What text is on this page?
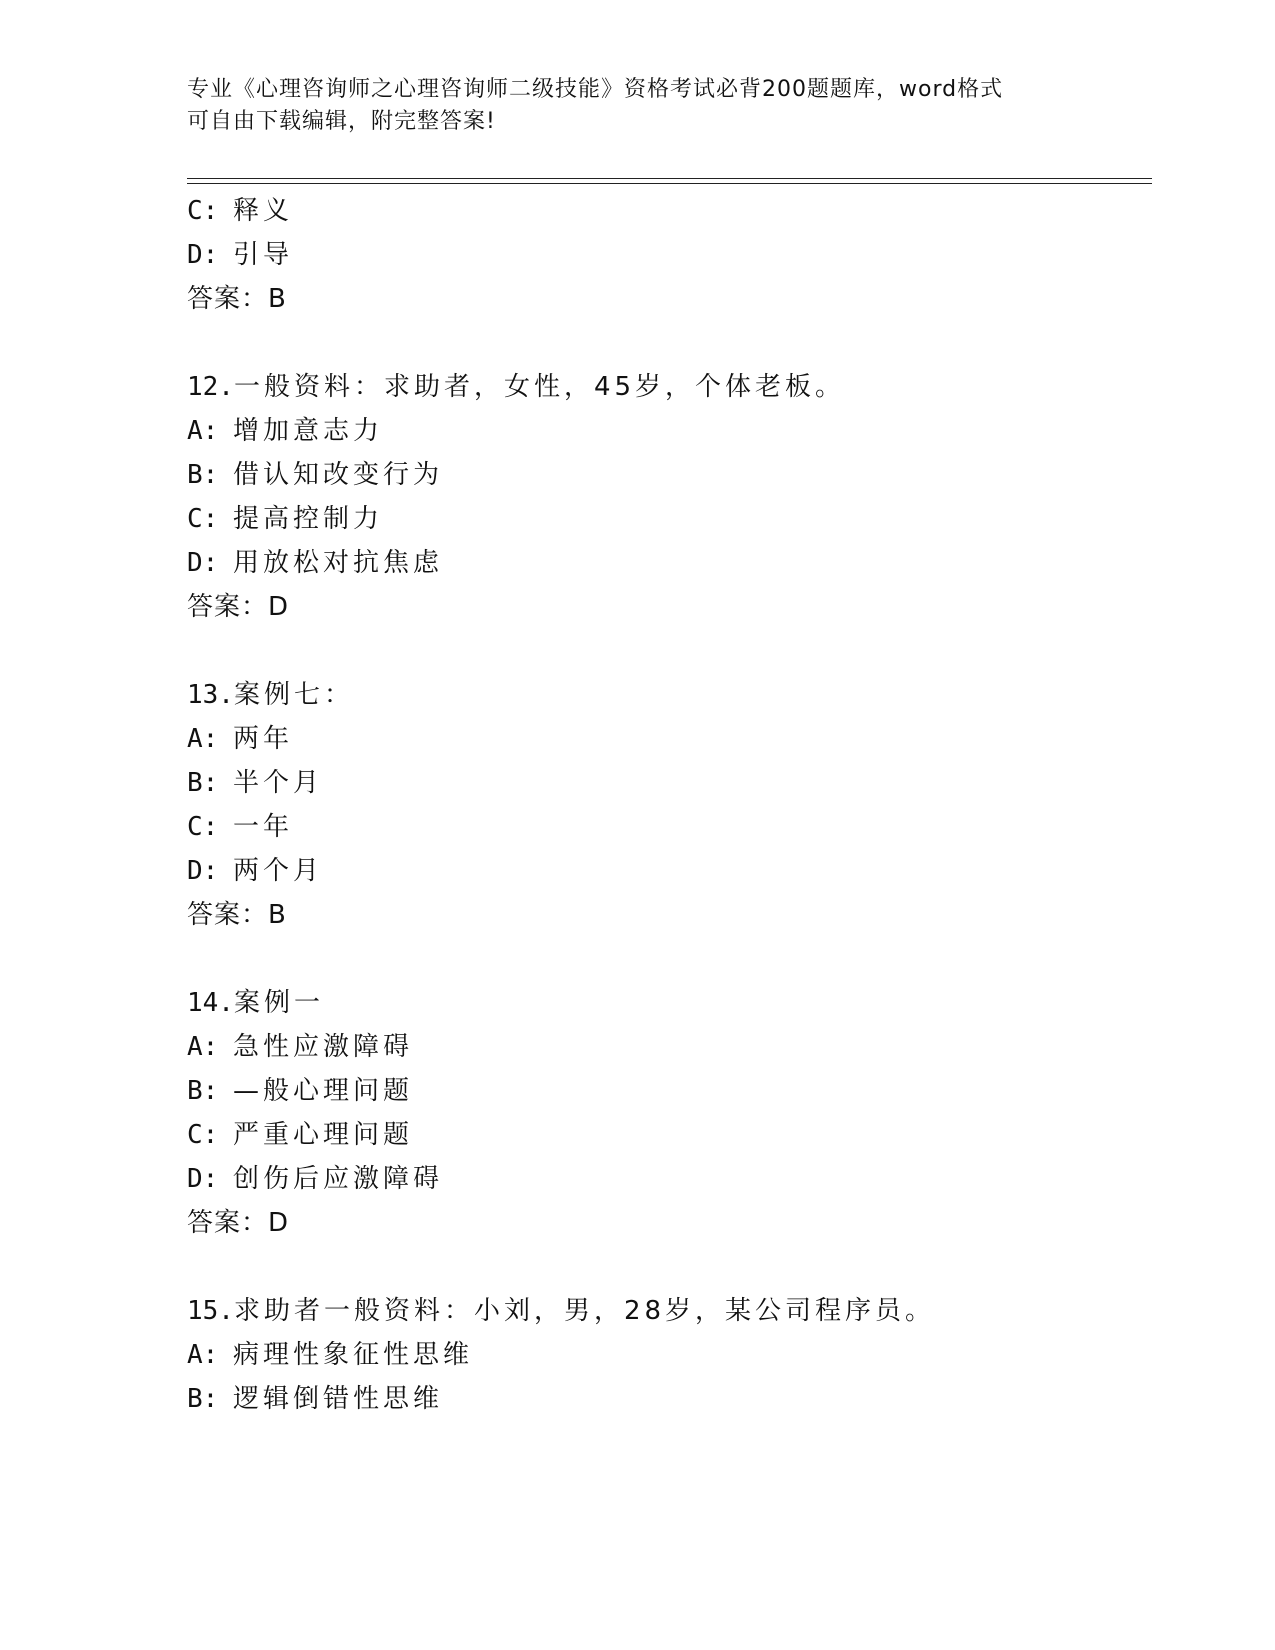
专业《心理咨询师之心理咨询师二级技能》资格考试必背200题题库，word格式
可自由下载编辑，附完整答案!
C: 释义
D: 引导
答案：B
12.一般资料：求助者，女性，45岁，个体老板。
A: 增加意志力
B: 借认知改变行为
C: 提高控制力
D: 用放松对抗焦虑
答案：D
13.案例七：
A: 两年
B: 半个月
C: 一年
D: 两个月
答案：B
14.案例一
A: 急性应激障碍
B: —般心理问题
C: 严重心理问题
D: 创伤后应激障碍
答案：D
15.求助者一般资料：小刘，男，28岁，某公司程序员。
A: 病理性象征性思维
B: 逻辑倒错性思维
